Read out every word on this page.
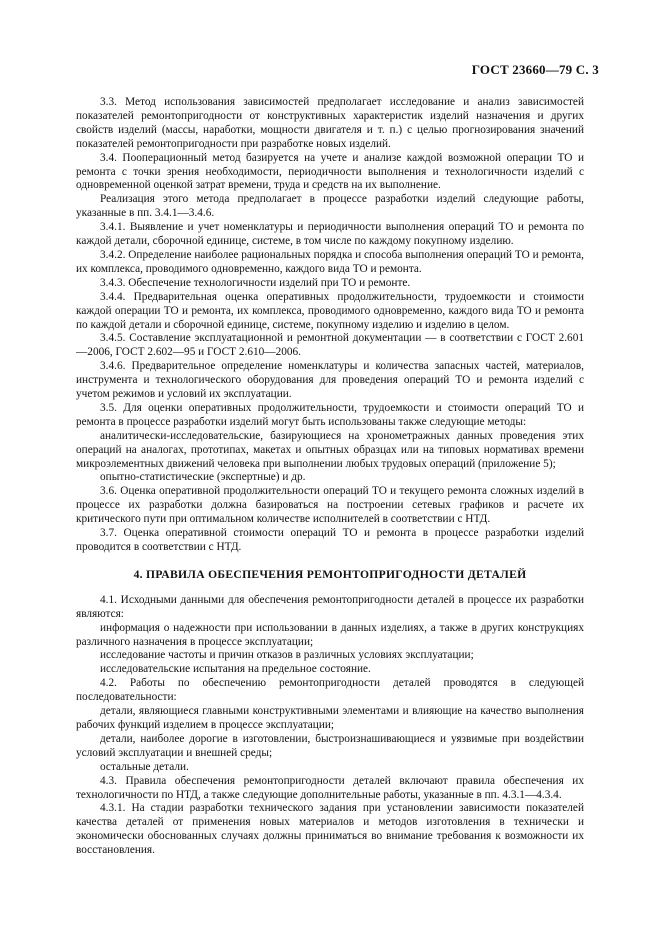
ГОСТ 23660—79 С. 3

3.3. Метод использования зависимостей предполагает исследование и анализ зависимостей показателей ремонтопригодности от конструктивных характеристик изделий назначения и других свойств изделий (массы, наработки, мощности двигателя и т. п.) с целью прогнозирования значений показателей ремонтопригодности при разработке новых изделий.

3.4. Пооперационный метод базируется на учете и анализе каждой возможной операции ТО и ремонта с точки зрения необходимости, периодичности выполнения и технологичности изделий с одновременной оценкой затрат времени, труда и средств на их выполнение.

Реализация этого метода предполагает в процессе разработки изделий следующие работы, указанные в пп. 3.4.1—3.4.6.

3.4.1. Выявление и учет номенклатуры и периодичности выполнения операций ТО и ремонта по каждой детали, сборочной единице, системе, в том числе по каждому покупному изделию.

3.4.2. Определение наиболее рациональных порядка и способа выполнения операций ТО и ремонта, их комплекса, проводимого одновременно, каждого вида ТО и ремонта.

3.4.3. Обеспечение технологичности изделий при ТО и ремонте.

3.4.4. Предварительная оценка оперативных продолжительности, трудоемкости и стоимости каждой операции ТО и ремонта, их комплекса, проводимого одновременно, каждого вида ТО и ремонта по каждой детали и сборочной единице, системе, покупному изделию и изделию в целом.

3.4.5. Составление эксплуатационной и ремонтной документации — в соответствии с ГОСТ 2.601—2006, ГОСТ 2.602—95 и ГОСТ 2.610—2006.

3.4.6. Предварительное определение номенклатуры и количества запасных частей, материалов, инструмента и технологического оборудования для проведения операций ТО и ремонта изделий с учетом режимов и условий их эксплуатации.

3.5. Для оценки оперативных продолжительности, трудоемкости и стоимости операций ТО и ремонта в процессе разработки изделий могут быть использованы также следующие методы:

аналитически-исследовательские, базирующиеся на хронометражных данных проведения этих операций на аналогах, прототипах, макетах и опытных образцах или на типовых нормативах времени микроэлементных движений человека при выполнении любых трудовых операций (приложение 5);

опытно-статистические (экспертные) и др.

3.6. Оценка оперативной продолжительности операций ТО и текущего ремонта сложных изделий в процессе их разработки должна базироваться на построении сетевых графиков и расчете их критического пути при оптимальном количестве исполнителей в соответствии с НТД.

3.7. Оценка оперативной стоимости операций ТО и ремонта в процессе разработки изделий проводится в соответствии с НТД.

4. ПРАВИЛА ОБЕСПЕЧЕНИЯ РЕМОНТОПРИГОДНОСТИ ДЕТАЛЕЙ

4.1. Исходными данными для обеспечения ремонтопригодности деталей в процессе их разработки являются:

информация о надежности при использовании в данных изделиях, а также в других конструкциях различного назначения в процессе эксплуатации;

исследование частоты и причин отказов в различных условиях эксплуатации;

исследовательские испытания на предельное состояние.

4.2. Работы по обеспечению ремонтопригодности деталей проводятся в следующей последовательности:

детали, являющиеся главными конструктивными элементами и влияющие на качество выполнения рабочих функций изделием в процессе эксплуатации;

детали, наиболее дорогие в изготовлении, быстроизнашивающиеся и уязвимые при воздействии условий эксплуатации и внешней среды;

остальные детали.

4.3. Правила обеспечения ремонтопригодности деталей включают правила обеспечения их технологичности по НТД, а также следующие дополнительные работы, указанные в пп. 4.3.1—4.3.4.

4.3.1. На стадии разработки технического задания при установлении зависимости показателей качества деталей от применения новых материалов и методов изготовления в технически и экономически обоснованных случаях должны приниматься во внимание требования к возможности их восстановления.
